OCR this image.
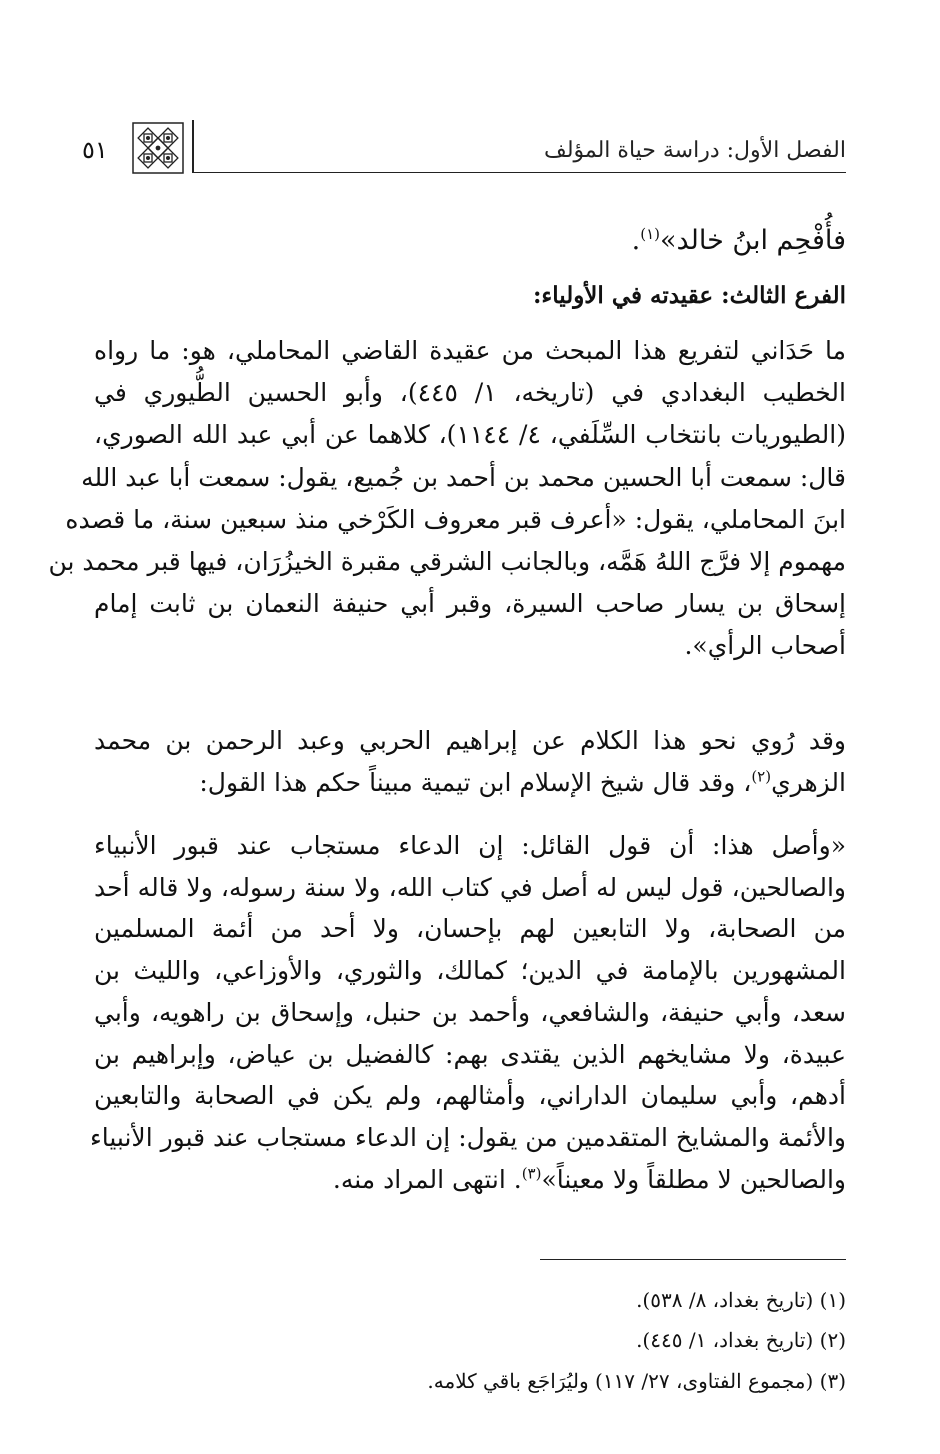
الفصل الأول: دراسة حياة المؤلف
٥١
فأُفْحِم ابنُ خالد»$^{(١)}$.
الفرع الثالث: عقيدته في الأولياء:
ما حَدَاني لتفريع هذا المبحث من عقيدة القاضي المحاملي، هو: ما رواه
الخطيب البغدادي في (تاريخه، ١/ ٤٤٥)، وأبو الحسين الطُّيوري في
(الطيوريات بانتخاب السِّلَفي، ٤/ ١١٤٤)، كلاهما عن أبي عبد الله الصوري،
قال: سمعت أبا الحسين محمد بن أحمد بن جُميع، يقول: سمعت أبا عبد الله
ابنَ المحاملي، يقول: «أعرف قبر معروف الكَرْخي منذ سبعين سنة، ما قصده
مهموم إلا فرَّج اللهُ هَمَّه، وبالجانب الشرقي مقبرة الخيزُرَان، فيها قبر محمد بن
إسحاق بن يسار صاحب السيرة، وقبر أبي حنيفة النعمان بن ثابت إمام
أصحاب الرأي».
وقد رُوي نحو هذا الكلام عن إبراهيم الحربي وعبد الرحمن بن محمد
الزهري$^{(٢)}$، وقد قال شيخ الإسلام ابن تيمية مبيناً حكم هذا القول:
«وأصل هذا: أن قول القائل: إن الدعاء مستجاب عند قبور الأنبياء
والصالحين، قول ليس له أصل في كتاب الله، ولا سنة رسوله، ولا قاله أحد
من الصحابة، ولا التابعين لهم بإحسان، ولا أحد من أئمة المسلمين
المشهورين بالإمامة في الدين؛ كمالك، والثوري، والأوزاعي، والليث بن
سعد، وأبي حنيفة، والشافعي، وأحمد بن حنبل، وإسحاق بن راهويه، وأبي
عبيدة، ولا مشايخهم الذين يقتدى بهم: كالفضيل بن عياض، وإبراهيم بن
أدهم، وأبي سليمان الداراني، وأمثالهم، ولم يكن في الصحابة والتابعين
والأئمة والمشايخ المتقدمين من يقول: إن الدعاء مستجاب عند قبور الأنبياء
والصالحين لا مطلقاً ولا معيناً»$^{(٣)}$. انتهى المراد منه.
(١) (تاريخ بغداد، ٨/ ٥٣٨).
(٢) (تاريخ بغداد، ١/ ٤٤٥).
(٣) (مجموع الفتاوى، ٢٧/ ١١٧) وليُرَاجَع باقي كلامه.
